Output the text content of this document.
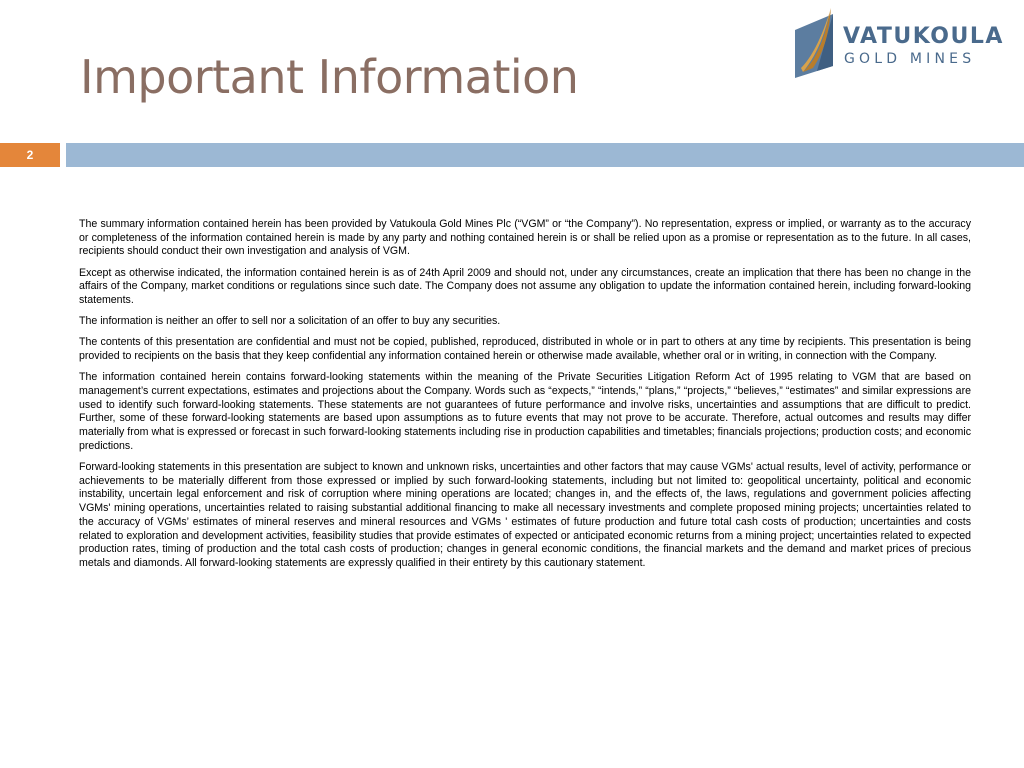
Important Information
VATUKOULA
GOLD MINES
2

The summary information contained herein has been provided by Vatukoula Gold Mines Plc (“VGM” or “the Company”). No representation, express or implied, or warranty as to the accuracy or completeness of the information contained herein is made by any party and nothing contained herein is or shall be relied upon as a promise or representation as to the future. In all cases, recipients should conduct their own investigation and analysis of VGM.

Except as otherwise indicated, the information contained herein is as of 24th April 2009 and should not, under any circumstances, create an implication that there has been no change in the affairs of the Company, market conditions or regulations since such date. The Company does not assume any obligation to update the information contained herein, including forward-looking statements.

The information is neither an offer to sell nor a solicitation of an offer to buy any securities.

The contents of this presentation are confidential and must not be copied, published, reproduced, distributed in whole or in part to others at any time by recipients. This presentation is being provided to recipients on the basis that they keep confidential any information contained herein or otherwise made available, whether oral or in writing, in connection with the Company.

The information contained herein contains forward-looking statements within the meaning of the Private Securities Litigation Reform Act of 1995 relating to VGM that are based on management’s current expectations, estimates and projections about the Company. Words such as “expects,” “intends,” “plans,” “projects,” “believes,” “estimates” and similar expressions are used to identify such forward-looking statements. These statements are not guarantees of future performance and involve risks, uncertainties and assumptions that are difficult to predict. Further, some of these forward-looking statements are based upon assumptions as to future events that may not prove to be accurate. Therefore, actual outcomes and results may differ materially from what is expressed or forecast in such forward-looking statements including rise in production capabilities and timetables; financials projections; production costs; and economic predictions.

Forward-looking statements in this presentation are subject to known and unknown risks, uncertainties and other factors that may cause VGMs' actual results, level of activity, performance or achievements to be materially different from those expressed or implied by such forward-looking statements, including but not limited to: geopolitical uncertainty, political and economic instability, uncertain legal enforcement and risk of corruption where mining operations are located; changes in, and the effects of, the laws, regulations and government policies affecting VGMs' mining operations, uncertainties related to raising substantial additional financing to make all necessary investments and complete proposed mining projects; uncertainties related to the accuracy of VGMs’ estimates of mineral reserves and mineral resources and VGMs ' estimates of future production and future total cash costs of production; uncertainties and costs related to exploration and development activities, feasibility studies that provide estimates of expected or anticipated economic returns from a mining project; uncertainties related to expected production rates, timing of production and the total cash costs of production; changes in general economic conditions, the financial markets and the demand and market prices of precious metals and diamonds. All forward-looking statements are expressly qualified in their entirety by this cautionary statement.
